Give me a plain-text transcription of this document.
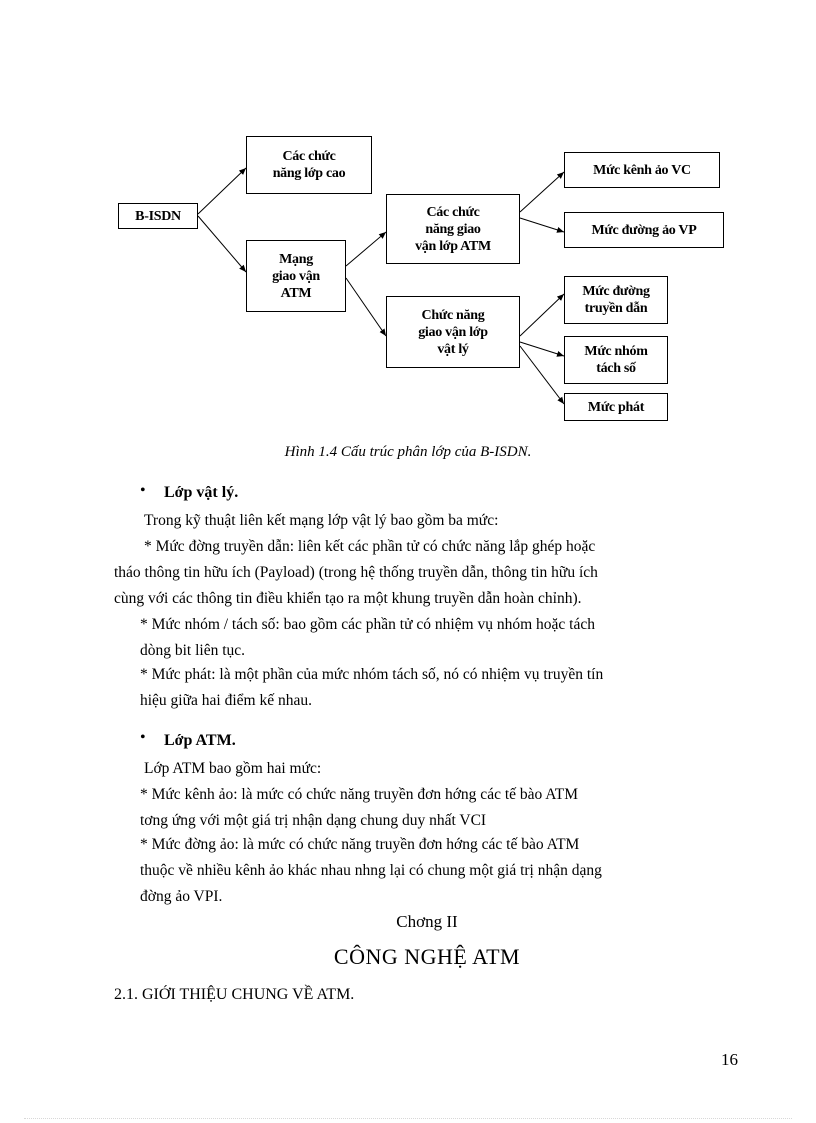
B-ISDN
Các chức
năng lớp cao
Mạng
giao vận
ATM
Các chức
năng giao
vận lớp ATM
Chức năng
giao vận lớp
vật lý
Mức kênh ảo VC
Mức đường ảo VP
Mức đường
truyền dẫn
Mức nhóm
tách số
Mức phát
Hình 1.4 Cấu trúc phân lớp của B-ISDN.
• Lớp vật lý.
Trong kỹ thuật liên kết mạng lớp vật lý bao gồm ba mức:
* Mức đờng truyền dẫn: liên kết các phần tử có chức năng lắp ghép hoặc
tháo thông tin hữu ích (Payload) (trong hệ thống truyền dẫn, thông tin hữu ích
cùng với các thông tin điều khiển tạo ra một khung truyền dẫn hoàn chỉnh).
* Mức nhóm / tách số: bao gồm các phần tử có nhiệm vụ nhóm hoặc tách
dòng bit liên tục.
* Mức phát: là một phần của mức nhóm tách số, nó có nhiệm vụ truyền tín
hiệu giữa hai điểm kế nhau.
• Lớp ATM.
Lớp ATM bao gồm hai mức:
* Mức kênh ảo: là mức có chức năng truyền đơn hớng các tế bào ATM
tơng ứng với một giá trị nhận dạng chung duy nhất VCI
* Mức đờng ảo: là mức có chức năng truyền đơn hớng các tế bào ATM
thuộc về nhiều kênh ảo khác nhau nhng lại có chung một giá trị nhận dạng
đờng ảo VPI.
Chơng II
CÔNG NGHỆ ATM
2.1. GIỚI THIỆU CHUNG VỀ ATM.
16
